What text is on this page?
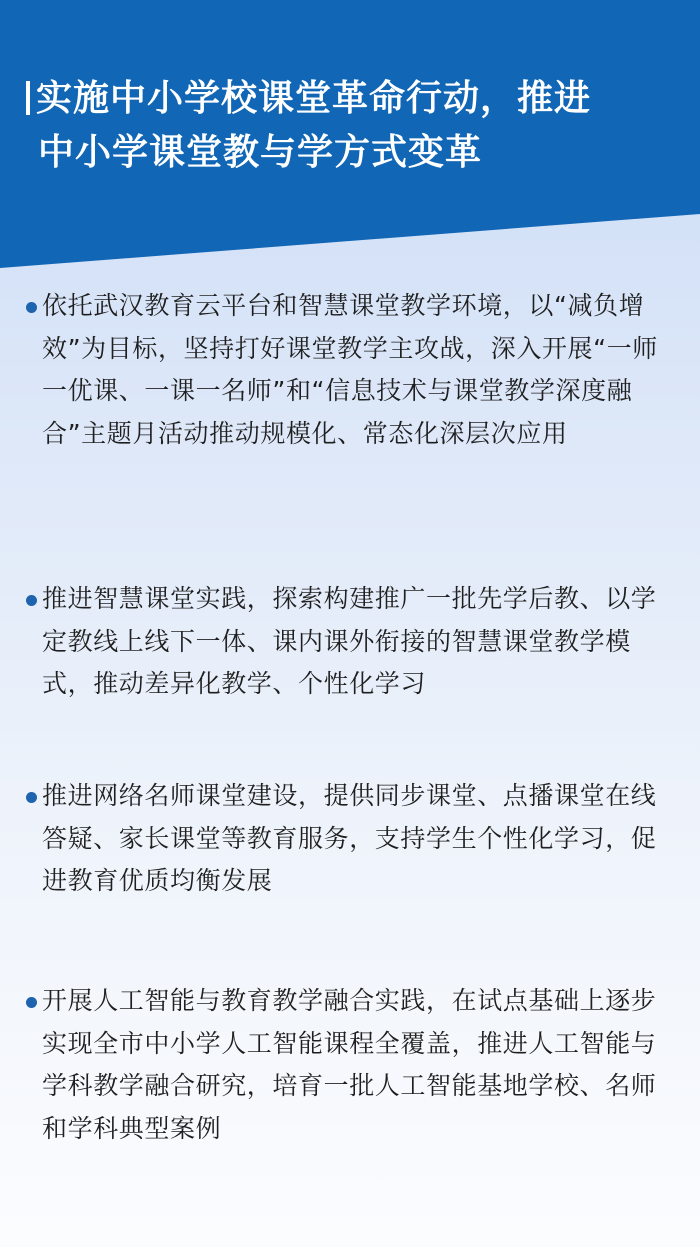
实施中小学校课堂革命行动，推进
中小学课堂教与学方式变革
依托武汉教育云平台和智慧课堂教学环境，以“减负增效”为目标，坚持打好课堂教学主攻战，深入开展“一师一优课、一课一名师”和“信息技术与课堂教学深度融合”主题月活动推动规模化、常态化深层次应用
推进智慧课堂实践，探索构建推广一批先学后教、以学定教线上线下一体、课内课外衔接的智慧课堂教学模式，推动差异化教学、个性化学习
推进网络名师课堂建设，提供同步课堂、点播课堂在线答疑、家长课堂等教育服务，支持学生个性化学习，促进教育优质均衡发展
开展人工智能与教育教学融合实践，在试点基础上逐步实现全市中小学人工智能课程全覆盖，推进人工智能与学科教学融合研究，培育一批人工智能基地学校、名师和学科典型案例
